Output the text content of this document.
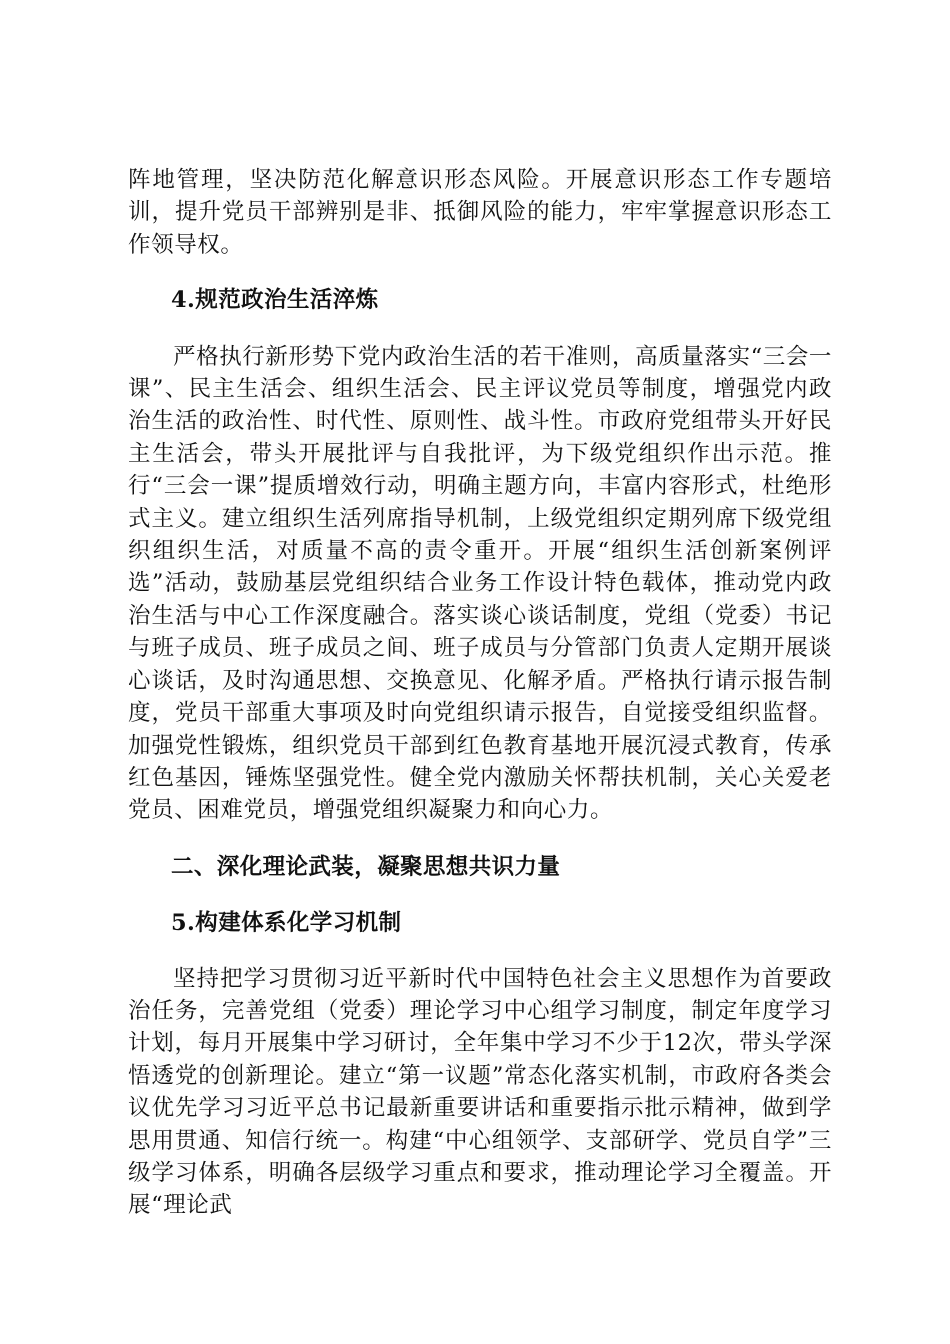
阵地管理，坚决防范化解意识形态风险。开展意识形态工作专题培训，提升党员干部辨别是非、抵御风险的能力，牢牢掌握意识形态工作领导权。

4.规范政治生活淬炼

严格执行新形势下党内政治生活的若干准则，高质量落实“三会一课”、民主生活会、组织生活会、民主评议党员等制度，增强党内政治生活的政治性、时代性、原则性、战斗性。市政府党组带头开好民主生活会，带头开展批评与自我批评，为下级党组织作出示范。推行“三会一课”提质增效行动，明确主题方向，丰富内容形式，杜绝形式主义。建立组织生活列席指导机制，上级党组织定期列席下级党组织组织生活，对质量不高的责令重开。开展“组织生活创新案例评选”活动，鼓励基层党组织结合业务工作设计特色载体，推动党内政治生活与中心工作深度融合。落实谈心谈话制度，党组（党委）书记与班子成员、班子成员之间、班子成员与分管部门负责人定期开展谈心谈话，及时沟通思想、交换意见、化解矛盾。严格执行请示报告制度，党员干部重大事项及时向党组织请示报告，自觉接受组织监督。加强党性锻炼，组织党员干部到红色教育基地开展沉浸式教育，传承红色基因，锤炼坚强党性。健全党内激励关怀帮扶机制，关心关爱老党员、困难党员，增强党组织凝聚力和向心力。

二、深化理论武装，凝聚思想共识力量

5.构建体系化学习机制

坚持把学习贯彻习近平新时代中国特色社会主义思想作为首要政治任务，完善党组（党委）理论学习中心组学习制度，制定年度学习计划，每月开展集中学习研讨，全年集中学习不少于12次，带头学深悟透党的创新理论。建立“第一议题”常态化落实机制，市政府各类会议优先学习习近平总书记最新重要讲话和重要指示批示精神，做到学思用贯通、知信行统一。构建“中心组领学、支部研学、党员自学”三级学习体系，明确各层级学习重点和要求，推动理论学习全覆盖。开展“理论武
